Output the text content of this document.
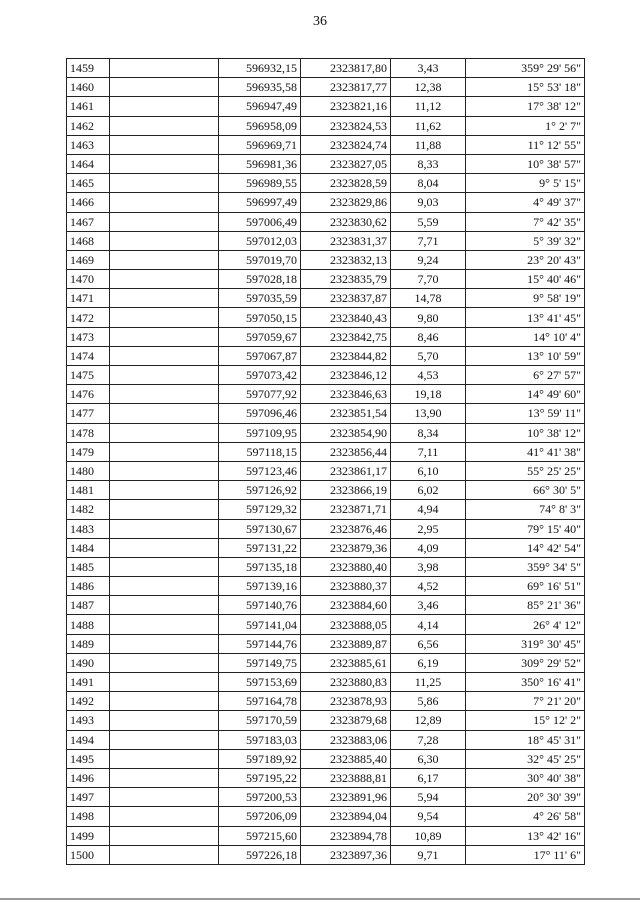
36
1459		596932,15	2323817,80	3,43	359° 29' 56"
1460		596935,58	2323817,77	12,38	15° 53' 18"
1461		596947,49	2323821,16	11,12	17° 38' 12"
1462		596958,09	2323824,53	11,62	1° 2' 7"
1463		596969,71	2323824,74	11,88	11° 12' 55"
1464		596981,36	2323827,05	8,33	10° 38' 57"
1465		596989,55	2323828,59	8,04	9° 5' 15"
1466		596997,49	2323829,86	9,03	4° 49' 37"
1467		597006,49	2323830,62	5,59	7° 42' 35"
1468		597012,03	2323831,37	7,71	5° 39' 32"
1469		597019,70	2323832,13	9,24	23° 20' 43"
1470		597028,18	2323835,79	7,70	15° 40' 46"
1471		597035,59	2323837,87	14,78	9° 58' 19"
1472		597050,15	2323840,43	9,80	13° 41' 45"
1473		597059,67	2323842,75	8,46	14° 10' 4"
1474		597067,87	2323844,82	5,70	13° 10' 59"
1475		597073,42	2323846,12	4,53	6° 27' 57"
1476		597077,92	2323846,63	19,18	14° 49' 60"
1477		597096,46	2323851,54	13,90	13° 59' 11"
1478		597109,95	2323854,90	8,34	10° 38' 12"
1479		597118,15	2323856,44	7,11	41° 41' 38"
1480		597123,46	2323861,17	6,10	55° 25' 25"
1481		597126,92	2323866,19	6,02	66° 30' 5"
1482		597129,32	2323871,71	4,94	74° 8' 3"
1483		597130,67	2323876,46	2,95	79° 15' 40"
1484		597131,22	2323879,36	4,09	14° 42' 54"
1485		597135,18	2323880,40	3,98	359° 34' 5"
1486		597139,16	2323880,37	4,52	69° 16' 51"
1487		597140,76	2323884,60	3,46	85° 21' 36"
1488		597141,04	2323888,05	4,14	26° 4' 12"
1489		597144,76	2323889,87	6,56	319° 30' 45"
1490		597149,75	2323885,61	6,19	309° 29' 52"
1491		597153,69	2323880,83	11,25	350° 16' 41"
1492		597164,78	2323878,93	5,86	7° 21' 20"
1493		597170,59	2323879,68	12,89	15° 12' 2"
1494		597183,03	2323883,06	7,28	18° 45' 31"
1495		597189,92	2323885,40	6,30	32° 45' 25"
1496		597195,22	2323888,81	6,17	30° 40' 38"
1497		597200,53	2323891,96	5,94	20° 30' 39"
1498		597206,09	2323894,04	9,54	4° 26' 58"
1499		597215,60	2323894,78	10,89	13° 42' 16"
1500		597226,18	2323897,36	9,71	17° 11' 6"
